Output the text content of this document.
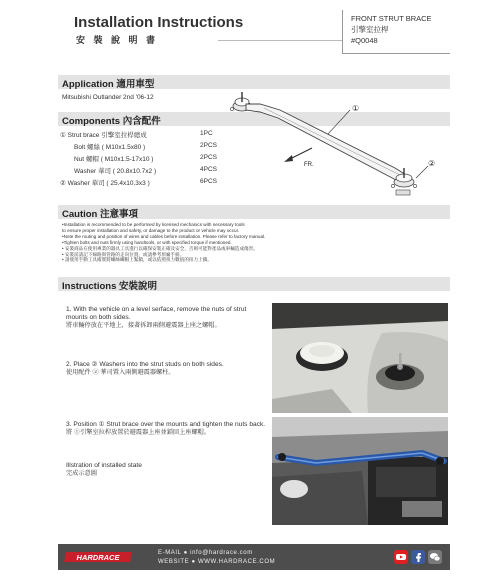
Installation Instructions
安 裝 說 明 書
FRONT STRUT BRACE
引擎室拉桿
#Q0048
Application 適用車型
Mitsubishi Outlander 2nd '06-12
Components 內含配件
① Strut brace 引擎室拉桿總成	1PC
Bolt 螺絲 ( M10x1.5x80 )	2PCS
Nut 螺帽 ( M10x1.5-17x10 )	2PCS
Washer 華司 ( 20.8x10.7x2 )	4PCS
② Washer 華司 ( 25.4x10.3x3 )	6PCS
①
②
FR.
Caution 注意事項
•Installation is recommended to be performed by licensed mechanics with necessary tools
to ensure proper installation and safety, or damage to the product or vehicle may occur.
•Note the routing and position of wires and cables before installation. Please refer to factory manual.
•Tighten bolts and nuts firmly using handtools, or with specified torque if mentioned.
• 安裝商品在使用專業的器具工具進行以確保安裝正確及安全，否則可能對產品或車輛造成傷害。
• 安裝前請記下線路與管路的走向位置，或請參考原廠手冊。
• 請使用手動工具確實將螺絲螺帽上緊鎖，或以依照扭力數值的扭力上鎖。
Instructions 安裝說明
1. With the vehicle on a level serface, remove the nuts of strut mounts on both sides.
將車輛停放在平地上，接著拆卸兩側避震器上座之螺帽。
2. Place ② Washers into the strut studs on both sides.
使用配件 ② 華司置入兩側避震器螺柱。
3. Position ① Strut brace over the mounts and tighten the nuts back.
將 ①引擎室拉桿放置於避震器上座並鎖回上座螺帽。
Illstration of installed state
完成示意圖
HARDRACE	E-MAIL ● info@hardrace.com
WEBSITE ● WWW.HARDRACE.COM
